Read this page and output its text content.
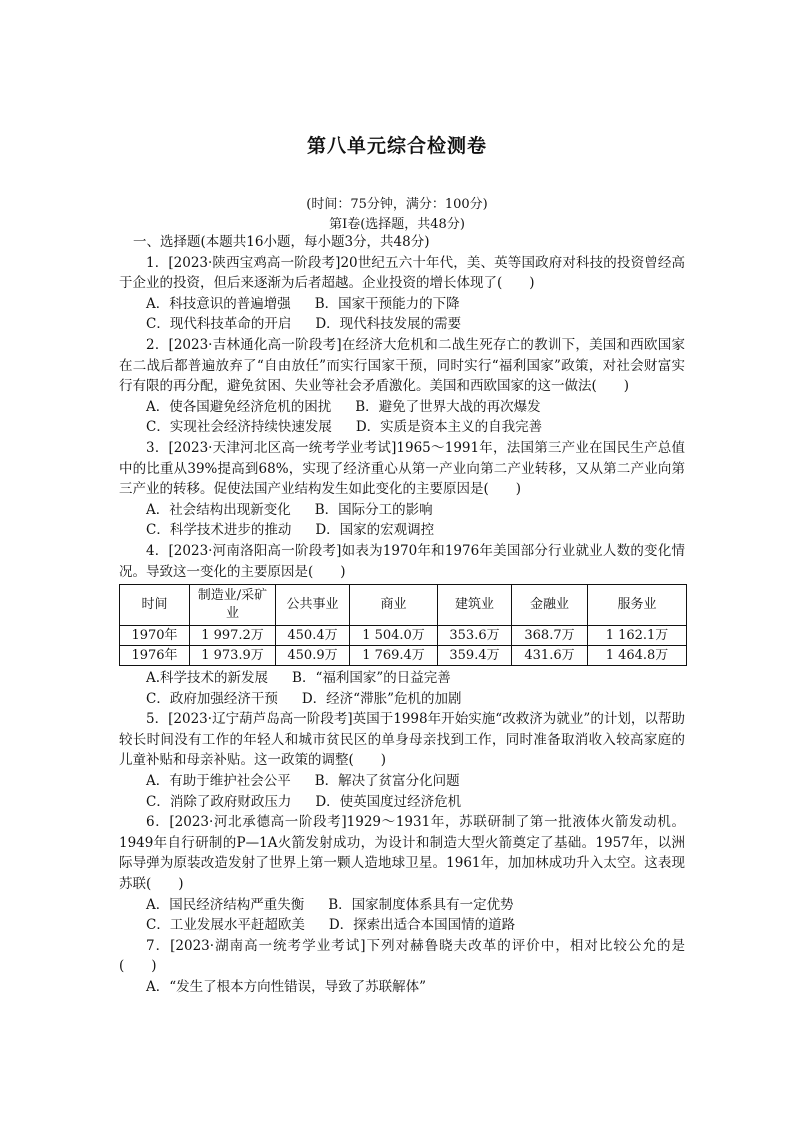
第八单元综合检测卷
(时间：75分钟，满分：100分)
第Ⅰ卷(选择题，共48分)

一、选择题(本题共16小题，每小题3分，共48分)

1．[2023·陕西宝鸡高一阶段考]20世纪五六十年代，美、英等国政府对科技的投资曾经高于企业的投资，但后来逐渐为后者超越。企业投资的增长体现了(　　)

A．科技意识的普遍增强 B．国家干预能力的下降
C．现代科技革命的开启 D．现代科技发展的需要

2．[2023·吉林通化高一阶段考]在经济大危机和二战生死存亡的教训下，美国和西欧国家在二战后都普遍放弃了“自由放任”而实行国家干预，同时实行“福利国家”政策，对社会财富实行有限的再分配，避免贫困、失业等社会矛盾激化。美国和西欧国家的这一做法(　　)

A．使各国避免经济危机的困扰 B．避免了世界大战的再次爆发
C．实现社会经济持续快速发展 D．实质是资本主义的自我完善

3．[2023·天津河北区高一统考学业考试]1965～1991年，法国第三产业在国民生产总值中的比重从39%提高到68%，实现了经济重心从第一产业向第二产业转移，又从第二产业向第三产业的转移。促使法国产业结构发生如此变化的主要原因是(　　)

A．社会结构出现新变化 B．国际分工的影响
C．科学技术进步的推动 D．国家的宏观调控

4．[2023·河南洛阳高一阶段考]如表为1970年和1976年美国部分行业就业人数的变化情况。导致这一变化的主要原因是(　　)

时间	制造业/采矿业	公共事业	商业	建筑业	金融业	服务业
1970年	1 997.2万	450.4万	1 504.0万	353.6万	368.7万	1 162.1万
1976年	1 973.9万	450.9万	1 769.4万	359.4万	431.6万	1 464.8万
A.科学技术的新发展 B．“福利国家”的日益完善
C．政府加强经济干预 D．经济“滞胀”危机的加剧

5．[2023·辽宁葫芦岛高一阶段考]英国于1998年开始实施“改救济为就业”的计划，以帮助较长时间没有工作的年轻人和城市贫民区的单身母亲找到工作，同时准备取消收入较高家庭的儿童补贴和母亲补贴。这一政策的调整(　　)

A．有助于维护社会公平 B．解决了贫富分化问题
C．消除了政府财政压力 D．使英国度过经济危机

6．[2023·河北承德高一阶段考]1929～1931年，苏联研制了第一批液体火箭发动机。1949年自行研制的P—1A火箭发射成功，为设计和制造大型火箭奠定了基础。1957年，以洲际导弹为原装改造发射了世界上第一颗人造地球卫星。1961年，加加林成功升入太空。这表现苏联(　　)

A．国民经济结构严重失衡 B．国家制度体系具有一定优势
C．工业发展水平赶超欧美 D．探索出适合本国国情的道路

7．[2023·湖南高一统考学业考试]下列对赫鲁晓夫改革的评价中，相对比较公允的是(　　)

A．“发生了根本方向性错误，导致了苏联解体”
